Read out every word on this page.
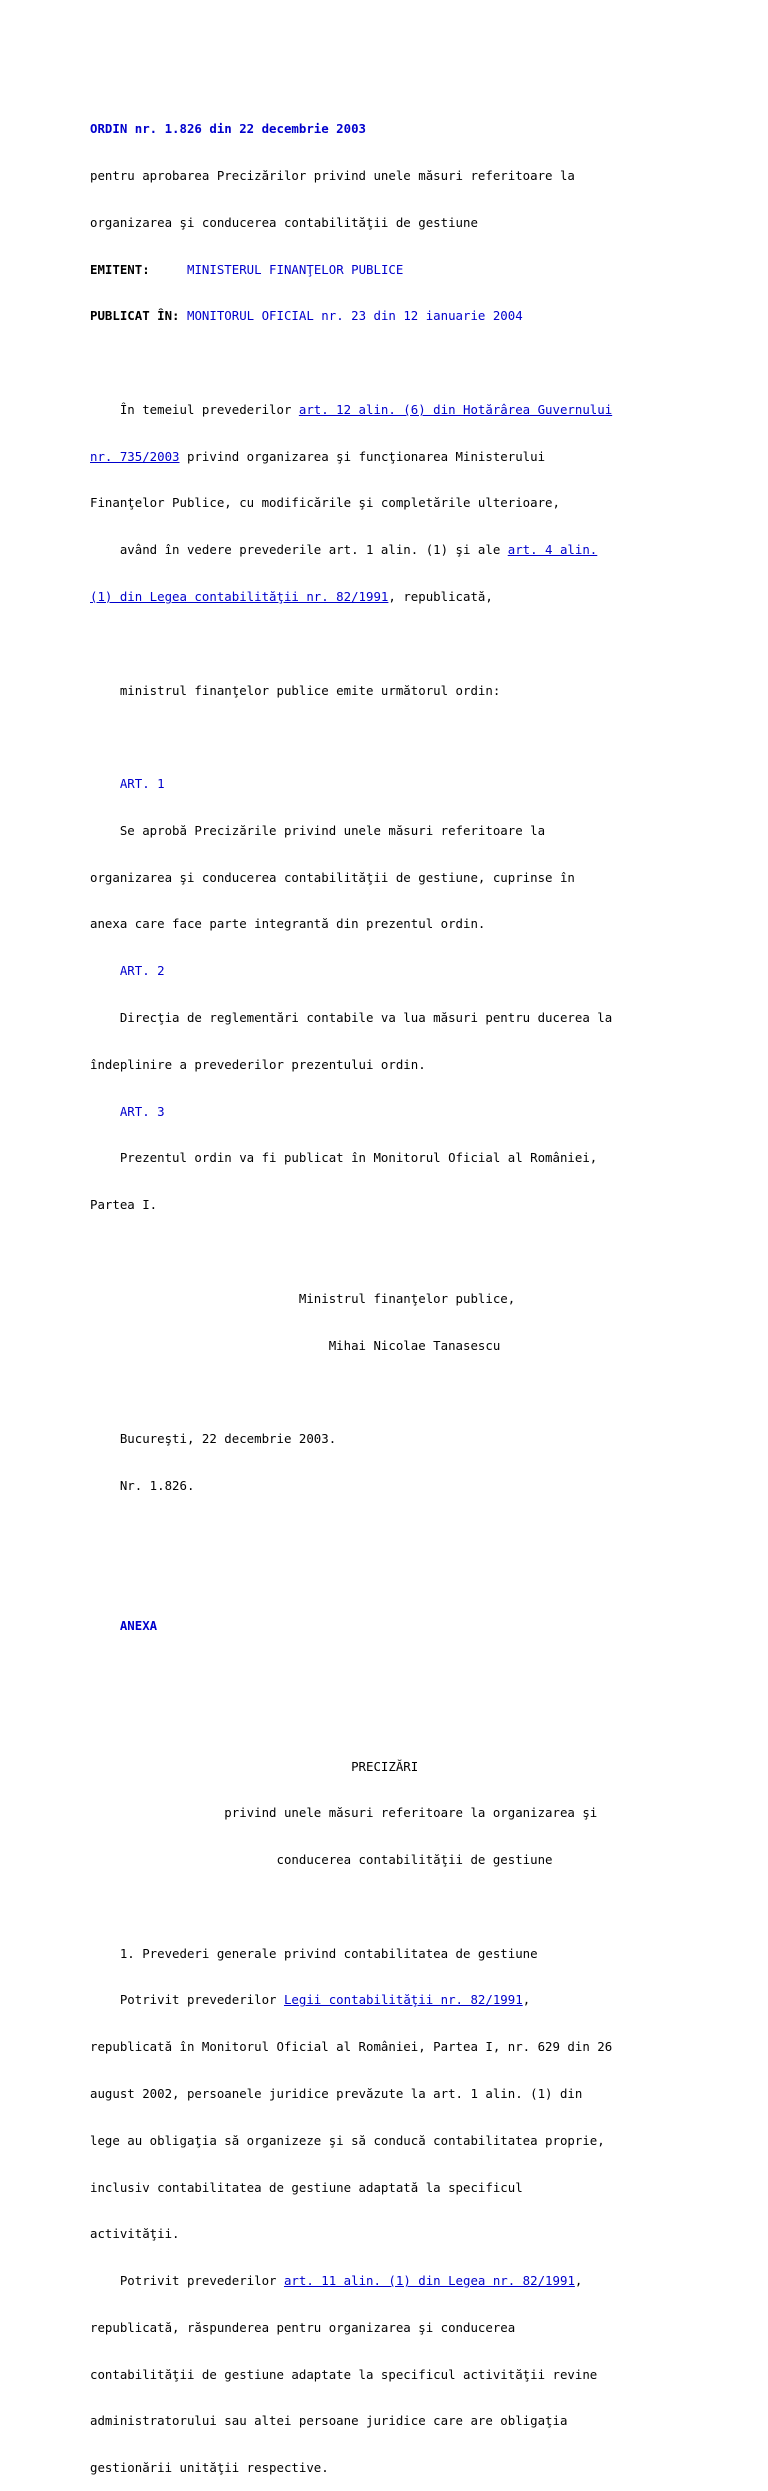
ORDIN nr. 1.826 din 22 decembrie 2003

pentru aprobarea Precizărilor privind unele măsuri referitoare la

organizarea şi conducerea contabilităţii de gestiune

EMITENT:	MINISTERUL FINANŢELOR PUBLICE

PUBLICAT ÎN: MONITORUL OFICIAL nr. 23 din 12 ianuarie 2004

În temeiul prevederilor art. 12 alin. (6) din Hotărârea Guvernului

nr. 735/2003 privind organizarea şi funcţionarea Ministerului

Finanţelor Publice, cu modificările şi completările ulterioare,

având în vedere prevederile art. 1 alin. (1) şi ale art. 4 alin.

(1) din Legea contabilităţii nr. 82/1991, republicată,

ministrul finanţelor publice emite următorul ordin:

ART. 1

Se aprobă Precizările privind unele măsuri referitoare la

organizarea şi conducerea contabilităţii de gestiune, cuprinse în

anexa care face parte integrantă din prezentul ordin.

ART. 2

Direcţia de reglementări contabile va lua măsuri pentru ducerea la

îndeplinire a prevederilor prezentului ordin.

ART. 3

Prezentul ordin va fi publicat în Monitorul Oficial al României,

Partea I.

Ministrul finanţelor publice,

Mihai Nicolae Tanasescu

Bucureşti, 22 decembrie 2003.

Nr. 1.826.

ANEXA

PRECIZĂRI

privind unele măsuri referitoare la organizarea şi

conducerea contabilităţii de gestiune

1. Prevederi generale privind contabilitatea de gestiune

Potrivit prevederilor Legii contabilităţii nr. 82/1991,

republicată în Monitorul Oficial al României, Partea I, nr. 629 din 26

august 2002, persoanele juridice prevăzute la art. 1 alin. (1) din

lege au obligaţia să organizeze şi să conducă contabilitatea proprie,

inclusiv contabilitatea de gestiune adaptată la specificul

activităţii.

Potrivit prevederilor art. 11 alin. (1) din Legea nr. 82/1991,

republicată, răspunderea pentru organizarea şi conducerea

contabilităţii de gestiune adaptate la specificul activităţii revine

administratorului sau altei persoane juridice care are obligaţia

gestionării unităţii respective.
